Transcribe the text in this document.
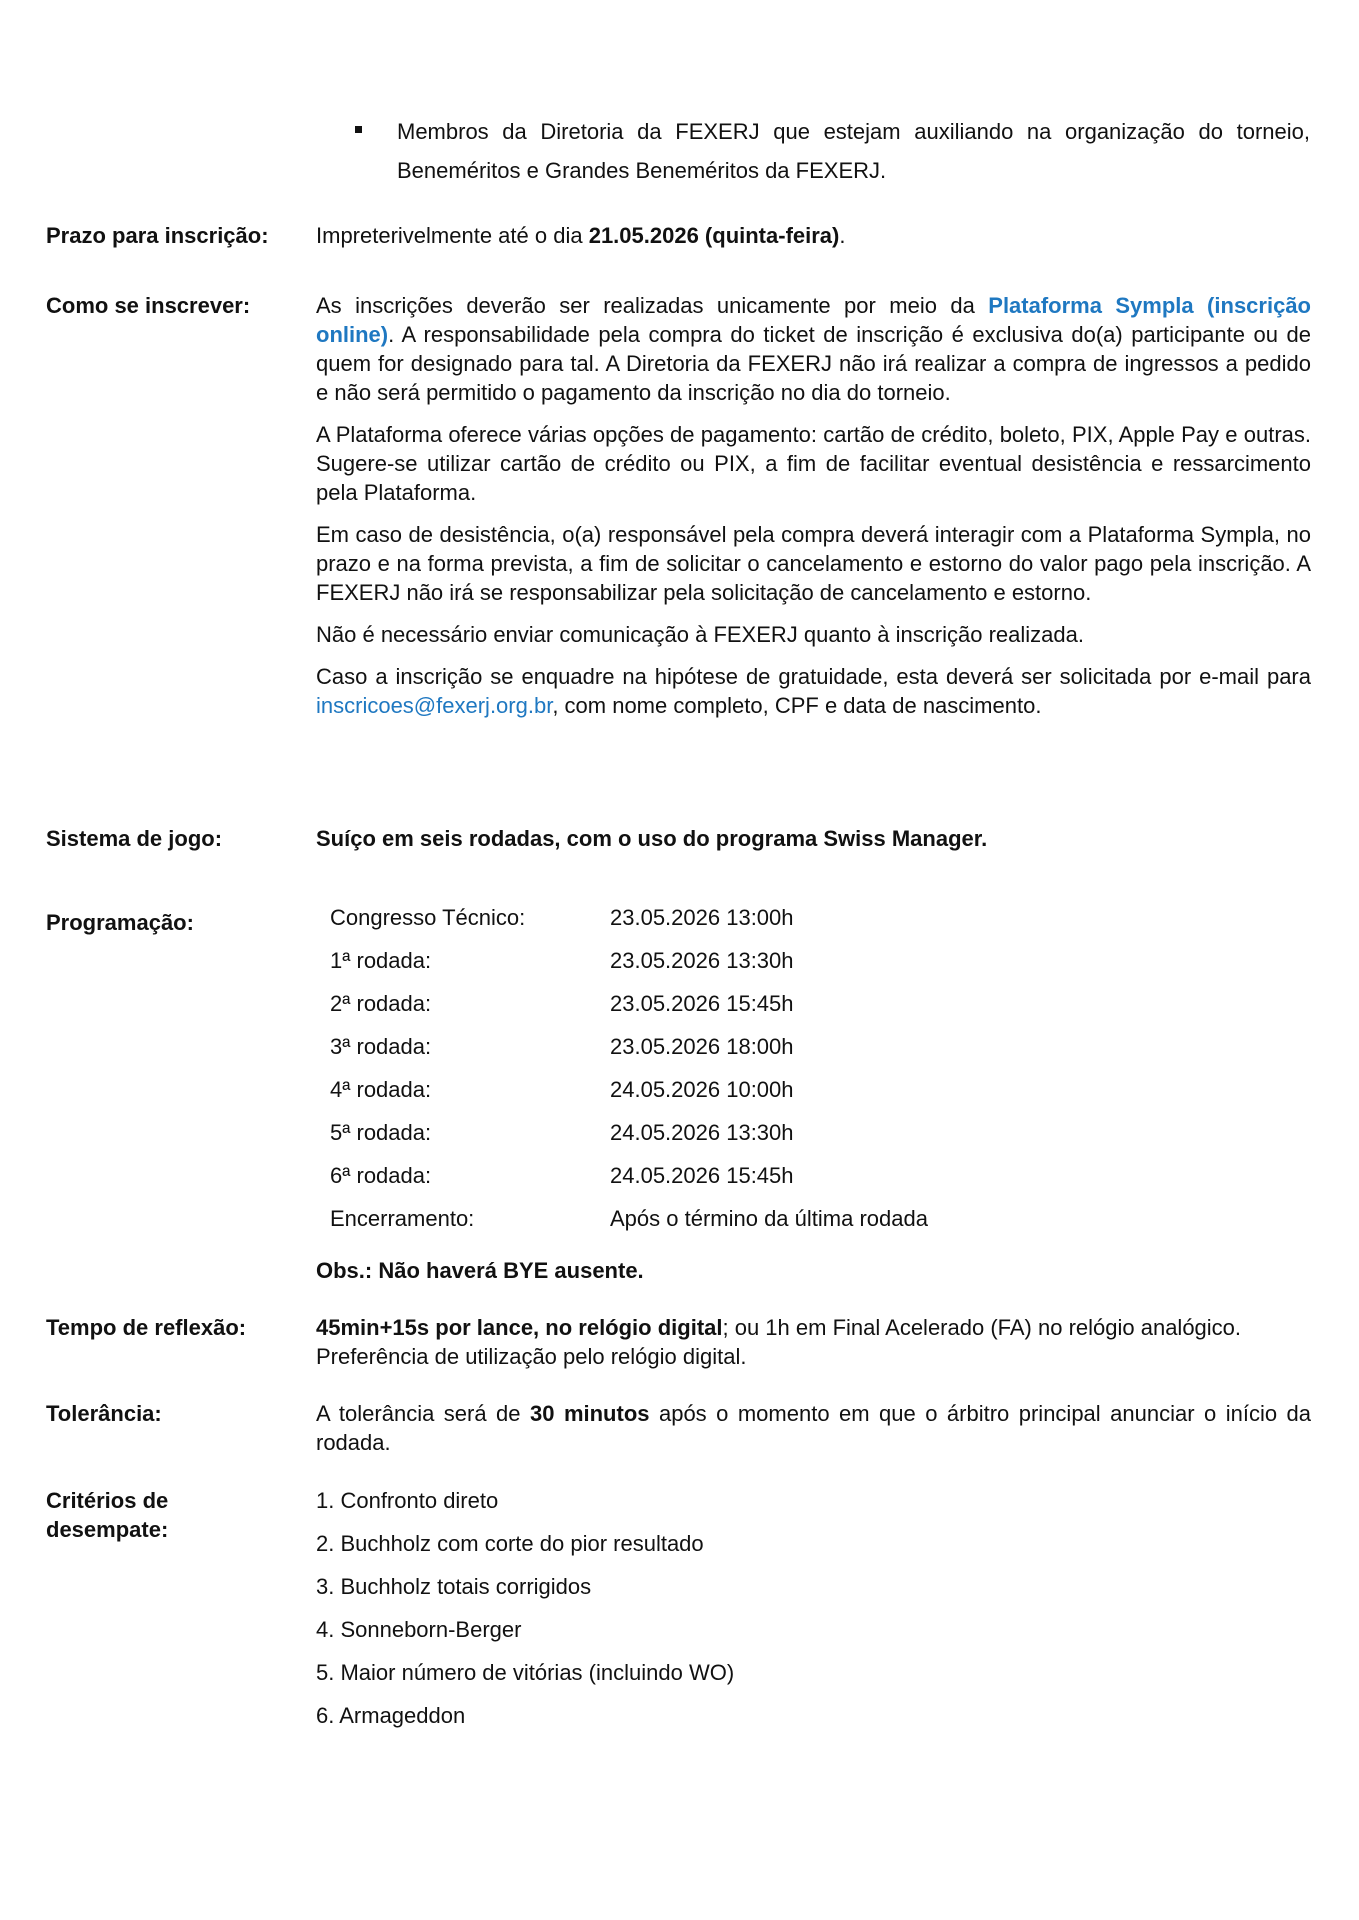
Membros da Diretoria da FEXERJ que estejam auxiliando na organização do torneio, Beneméritos e Grandes Beneméritos da FEXERJ.
Prazo para inscrição: Impreterivelmente até o dia 21.05.2026 (quinta-feira).
Como se inscrever:	As inscrições deverão ser realizadas unicamente por meio da Plataforma Sympla (inscrição online). A responsabilidade pela compra do ticket de inscrição é exclusiva do(a) participante ou de quem for designado para tal. A Diretoria da FEXERJ não irá realizar a compra de ingressos a pedido e não será permitido o pagamento da inscrição no dia do torneio.

A Plataforma oferece várias opções de pagamento: cartão de crédito, boleto, PIX, Apple Pay e outras. Sugere-se utilizar cartão de crédito ou PIX, a fim de facilitar eventual desistência e ressarcimento pela Plataforma.

Em caso de desistência, o(a) responsável pela compra deverá interagir com a Plataforma Sympla, no prazo e na forma prevista, a fim de solicitar o cancelamento e estorno do valor pago pela inscrição. A FEXERJ não irá se responsabilizar pela solicitação de cancelamento e estorno.

Não é necessário enviar comunicação à FEXERJ quanto à inscrição realizada.

Caso a inscrição se enquadre na hipótese de gratuidade, esta deverá ser solicitada por e-mail para inscricoes@fexerj.org.br, com nome completo, CPF e data de nascimento.

Sistema de jogo:	Suíço em seis rodadas, com o uso do programa Swiss Manager.
Programação:	Congresso Técnico:	23.05.2026 13:00h
1ª rodada:	23.05.2026 13:30h
2ª rodada:	23.05.2026 15:45h
3ª rodada:	23.05.2026 18:00h
4ª rodada:	24.05.2026 10:00h
5ª rodada:	24.05.2026 13:30h
6ª rodada:	24.05.2026 15:45h
Encerramento:	Após o término da última rodada
Obs.: Não haverá BYE ausente.
Tempo de reflexão:	45min+15s por lance, no relógio digital; ou 1h em Final Acelerado (FA) no relógio analógico. Preferência de utilização pelo relógio digital.
Tolerância:	A tolerância será de 30 minutos após o momento em que o árbitro principal anunciar o início da rodada.
Critérios de
desempate:
1. Confronto direto
2. Buchholz com corte do pior resultado
3. Buchholz totais corrigidos
4. Sonneborn-Berger
5. Maior número de vitórias (incluindo WO)
6. Armageddon
